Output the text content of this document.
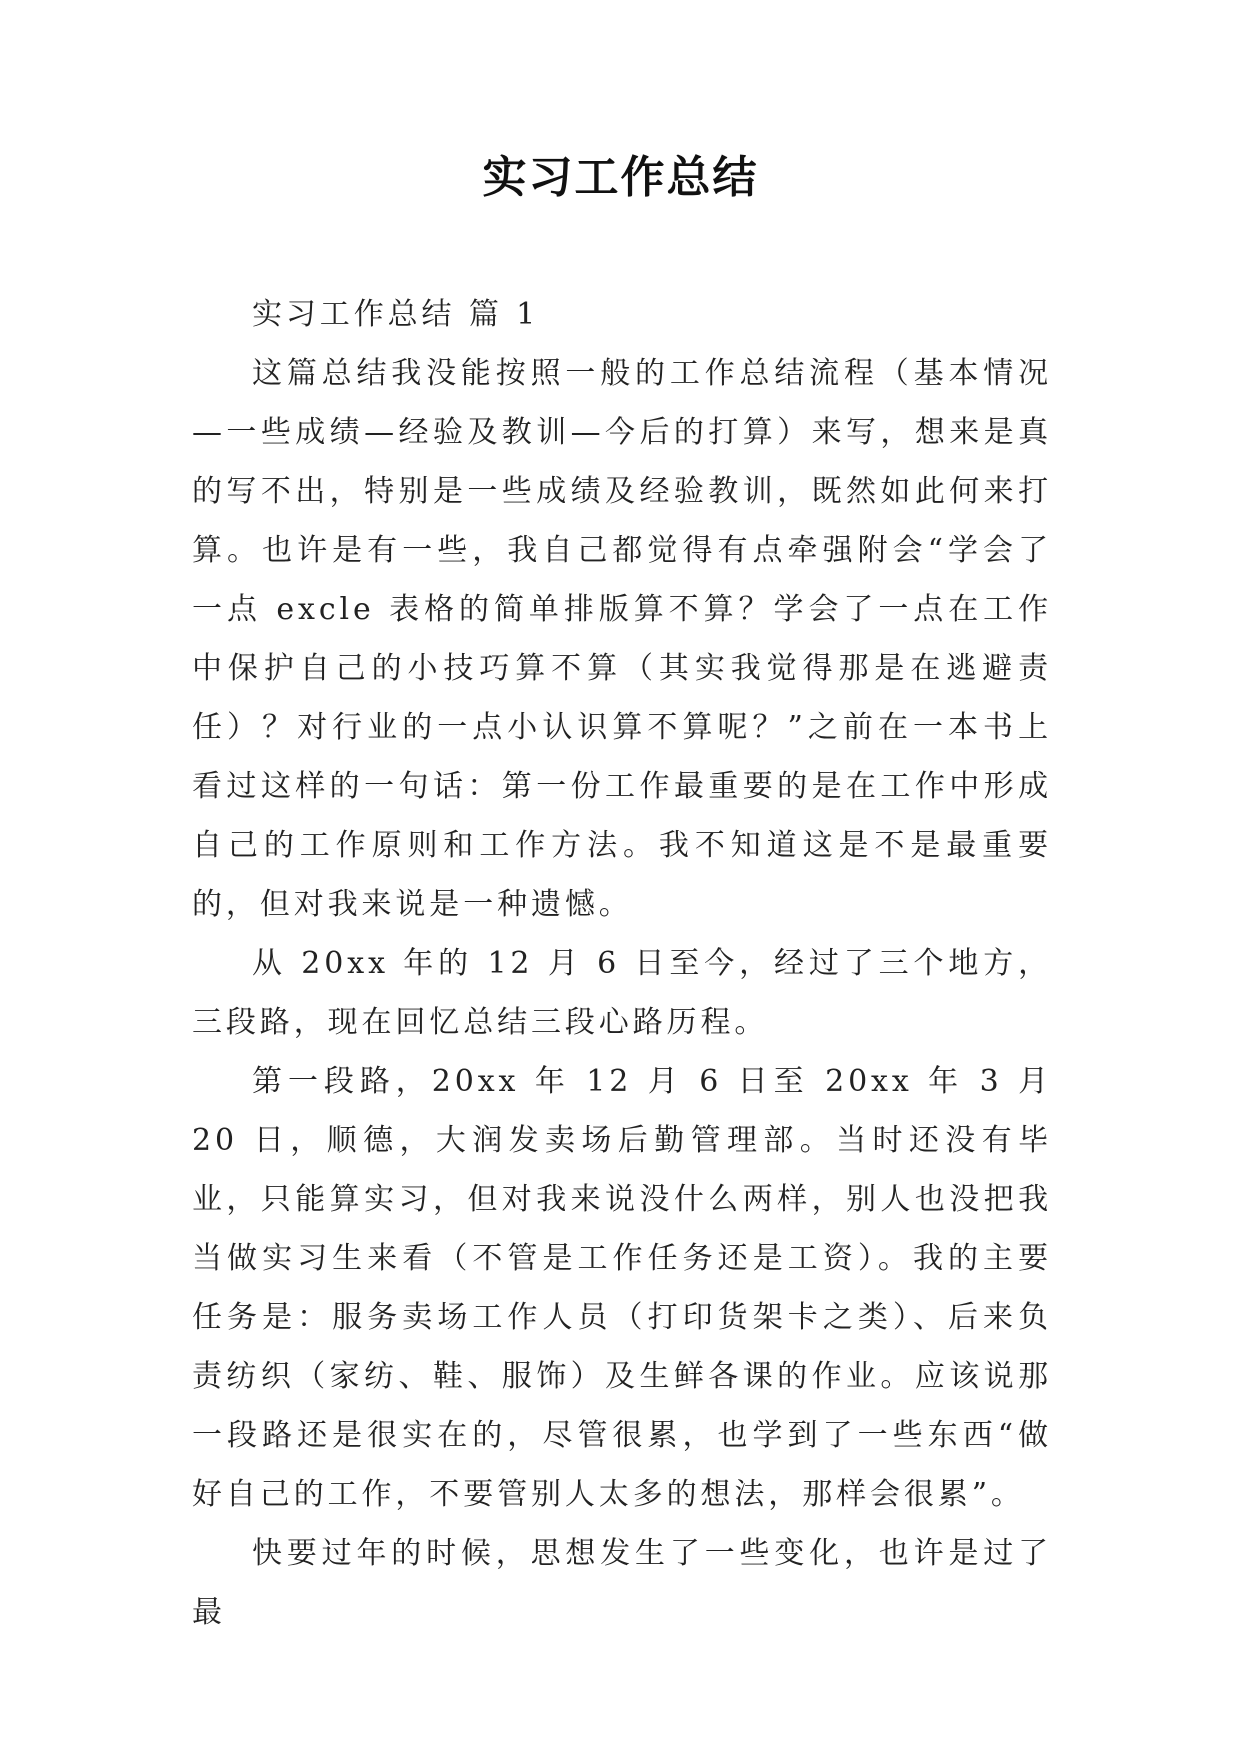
实习工作总结

实习工作总结 篇 1

这篇总结我没能按照一般的工作总结流程（基本情况—一些成绩—经验及教训—今后的打算）来写，想来是真的写不出，特别是一些成绩及经验教训，既然如此何来打算。也许是有一些，我自己都觉得有点牵强附会“学会了一点 excle 表格的简单排版算不算？学会了一点在工作中保护自己的小技巧算不算（其实我觉得那是在逃避责任）？对行业的一点小认识算不算呢？”之前在一本书上看过这样的一句话：第一份工作最重要的是在工作中形成自己的工作原则和工作方法。我不知道这是不是最重要的，但对我来说是一种遗憾。

从 20xx 年的 12 月 6 日至今，经过了三个地方，三段路，现在回忆总结三段心路历程。

第一段路，20xx 年 12 月 6 日至 20xx 年 3 月 20 日，顺德，大润发卖场后勤管理部。当时还没有毕业，只能算实习，但对我来说没什么两样，别人也没把我当做实习生来看（不管是工作任务还是工资）。我的主要任务是：服务卖场工作人员（打印货架卡之类）、后来负责纺织（家纺、鞋、服饰）及生鲜各课的作业。应该说那一段路还是很实在的，尽管很累，也学到了一些东西“做好自己的工作，不要管别人太多的想法，那样会很累”。

快要过年的时候，思想发生了一些变化，也许是过了最
